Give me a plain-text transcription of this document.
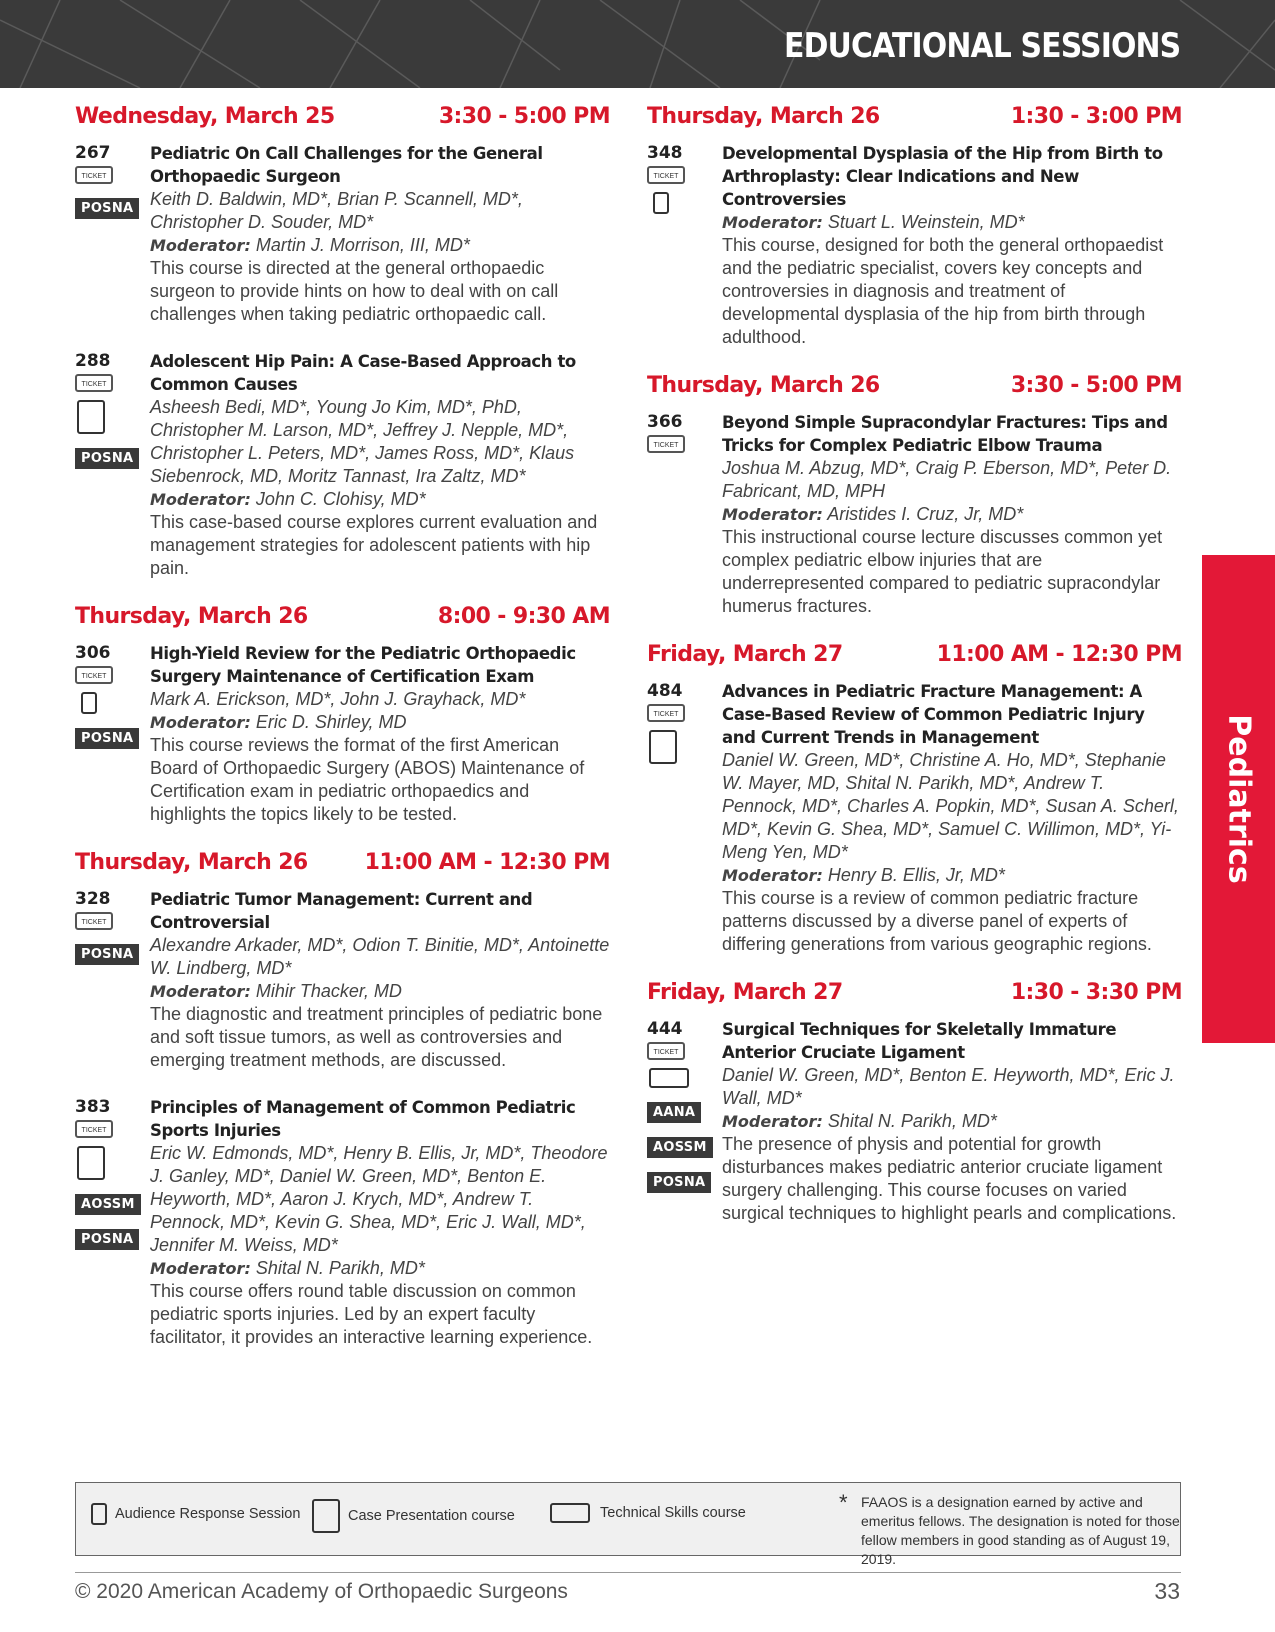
EDUCATIONAL SESSIONS
Pediatrics
Wednesday, March 25	3:30 - 5:00 PM
267
TICKET
POSNA
Pediatric On Call Challenges for the General Orthopaedic Surgeon
Keith D. Baldwin, MD*, Brian P. Scannell, MD*, Christopher D. Souder, MD*
Moderator: Martin J. Morrison, III, MD*
This course is directed at the general orthopaedic surgeon to provide hints on how to deal with on call challenges when taking pediatric orthopaedic call.
288
TICKET
POSNA
Adolescent Hip Pain: A Case-Based Approach to Common Causes
Asheesh Bedi, MD*, Young Jo Kim, MD*, PhD, Christopher M. Larson, MD*, Jeffrey J. Nepple, MD*, Christopher L. Peters, MD*, James Ross, MD*, Klaus Siebenrock, MD, Moritz Tannast, Ira Zaltz, MD*
Moderator: John C. Clohisy, MD*
This case-based course explores current evaluation and management strategies for adolescent patients with hip pain.
Thursday, March 26	8:00 - 9:30 AM
306
TICKET
POSNA
High-Yield Review for the Pediatric Orthopaedic Surgery Maintenance of Certification Exam
Mark A. Erickson, MD*, John J. Grayhack, MD*
Moderator: Eric D. Shirley, MD
This course reviews the format of the first American Board of Orthopaedic Surgery (ABOS) Maintenance of Certification exam in pediatric orthopaedics and highlights the topics likely to be tested.
Thursday, March 26	11:00 AM - 12:30 PM
328
TICKET
POSNA
Pediatric Tumor Management: Current and Controversial
Alexandre Arkader, MD*, Odion T. Binitie, MD*, Antoinette W. Lindberg, MD*
Moderator: Mihir Thacker, MD
The diagnostic and treatment principles of pediatric bone and soft tissue tumors, as well as controversies and emerging treatment methods, are discussed.
383
TICKET
AOSSM
POSNA
Principles of Management of Common Pediatric Sports Injuries
Eric W. Edmonds, MD*, Henry B. Ellis, Jr, MD*, Theodore J. Ganley, MD*, Daniel W. Green, MD*, Benton E. Heyworth, MD*, Aaron J. Krych, MD*, Andrew T. Pennock, MD*, Kevin G. Shea, MD*, Eric J. Wall, MD*, Jennifer M. Weiss, MD*
Moderator: Shital N. Parikh, MD*
This course offers round table discussion on common pediatric sports injuries. Led by an expert faculty facilitator, it provides an interactive learning experience.
Thursday, March 26	1:30 - 3:00 PM
348
TICKET
Developmental Dysplasia of the Hip from Birth to Arthroplasty: Clear Indications and New Controversies
Moderator: Stuart L. Weinstein, MD*
This course, designed for both the general orthopaedist and the pediatric specialist, covers key concepts and controversies in diagnosis and treatment of developmental dysplasia of the hip from birth through adulthood.
Thursday, March 26	3:30 - 5:00 PM
366
TICKET
Beyond Simple Supracondylar Fractures: Tips and Tricks for Complex Pediatric Elbow Trauma
Joshua M. Abzug, MD*, Craig P. Eberson, MD*, Peter D. Fabricant, MD, MPH
Moderator: Aristides I. Cruz, Jr, MD*
This instructional course lecture discusses common yet complex pediatric elbow injuries that are underrepresented compared to pediatric supracondylar humerus fractures.
Friday, March 27	11:00 AM - 12:30 PM
484
TICKET
Advances in Pediatric Fracture Management: A Case-Based Review of Common Pediatric Injury and Current Trends in Management
Daniel W. Green, MD*, Christine A. Ho, MD*, Stephanie W. Mayer, MD, Shital N. Parikh, MD*, Andrew T. Pennock, MD*, Charles A. Popkin, MD*, Susan A. Scherl, MD*, Kevin G. Shea, MD*, Samuel C. Willimon, MD*, Yi-Meng Yen, MD*
Moderator: Henry B. Ellis, Jr, MD*
This course is a review of common pediatric fracture patterns discussed by a diverse panel of experts of differing generations from various geographic regions.
Friday, March 27	1:30 - 3:30 PM
444
TICKET
AANA
AOSSM
POSNA
Surgical Techniques for Skeletally Immature Anterior Cruciate Ligament
Daniel W. Green, MD*, Benton E. Heyworth, MD*, Eric J. Wall, MD*
Moderator: Shital N. Parikh, MD*
The presence of physis and potential for growth disturbances makes pediatric anterior cruciate ligament surgery challenging. This course focuses on varied surgical techniques to highlight pearls and complications.
Audience Response Session	Case Presentation course	Technical Skills course	* FAAOS is a designation earned by active and emeritus fellows. The designation is noted for those fellow members in good standing as of August 19, 2019.
© 2020 American Academy of Orthopaedic Surgeons	33
